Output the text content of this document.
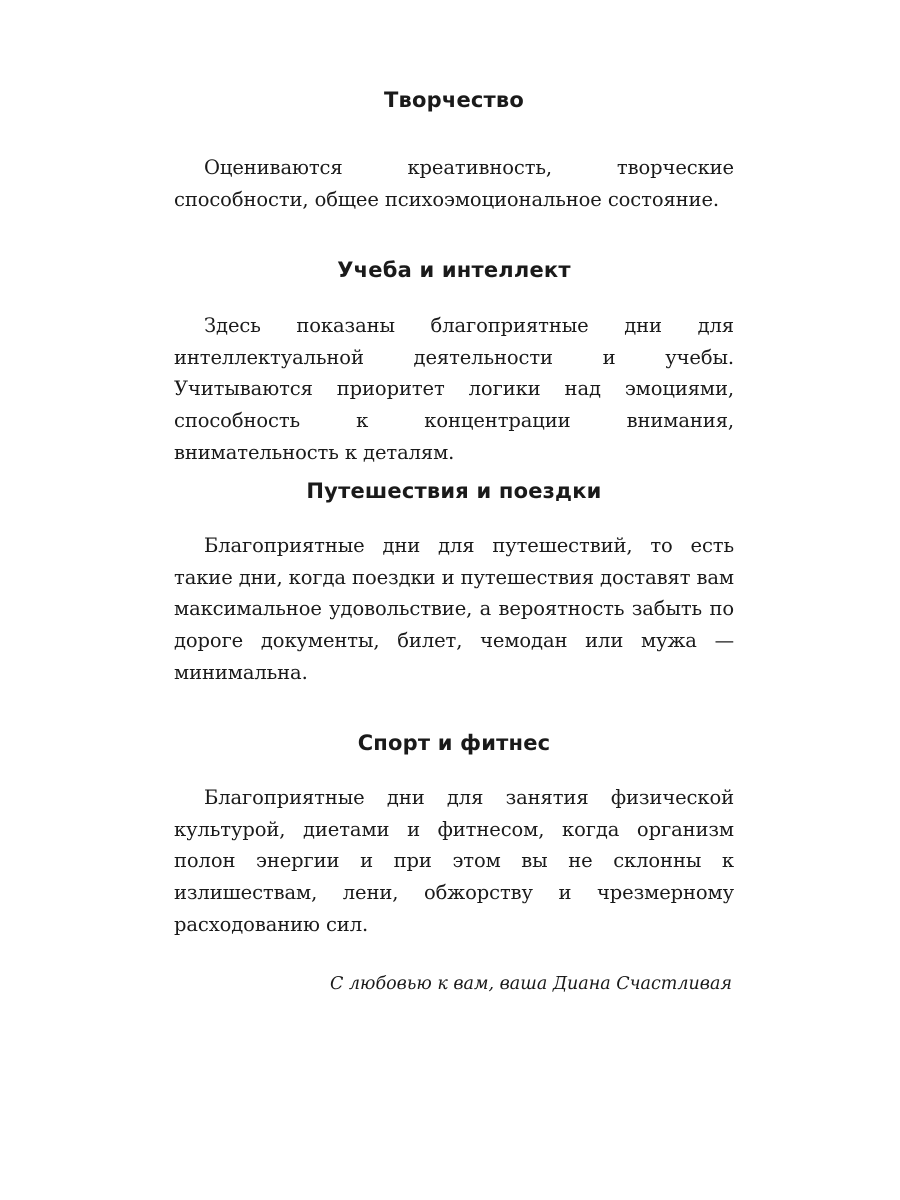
Творчество

Оцениваются креативность, творческие способности, общее психоэмоциональное состояние.

Учеба и интеллект

Здесь показаны благоприятные дни для интеллектуальной деятельности и учебы. Учитываются приоритет логики над эмоциями, способность к концентрации внимания, внимательность к деталям.

Путешествия и поездки

Благоприятные дни для путешествий, то есть такие дни, когда поездки и путешествия доставят вам максимальное удовольствие, а вероятность забыть по дороге документы, билет, чемодан или мужа — минимальна.

Спорт и фитнес

Благоприятные дни для занятия физической культурой, диетами и фитнесом, когда организм полон энергии и при этом вы не склонны к излишествам, лени, обжорству и чрезмерному расходованию сил.

С любовью к вам, ваша Диана Счастливая
